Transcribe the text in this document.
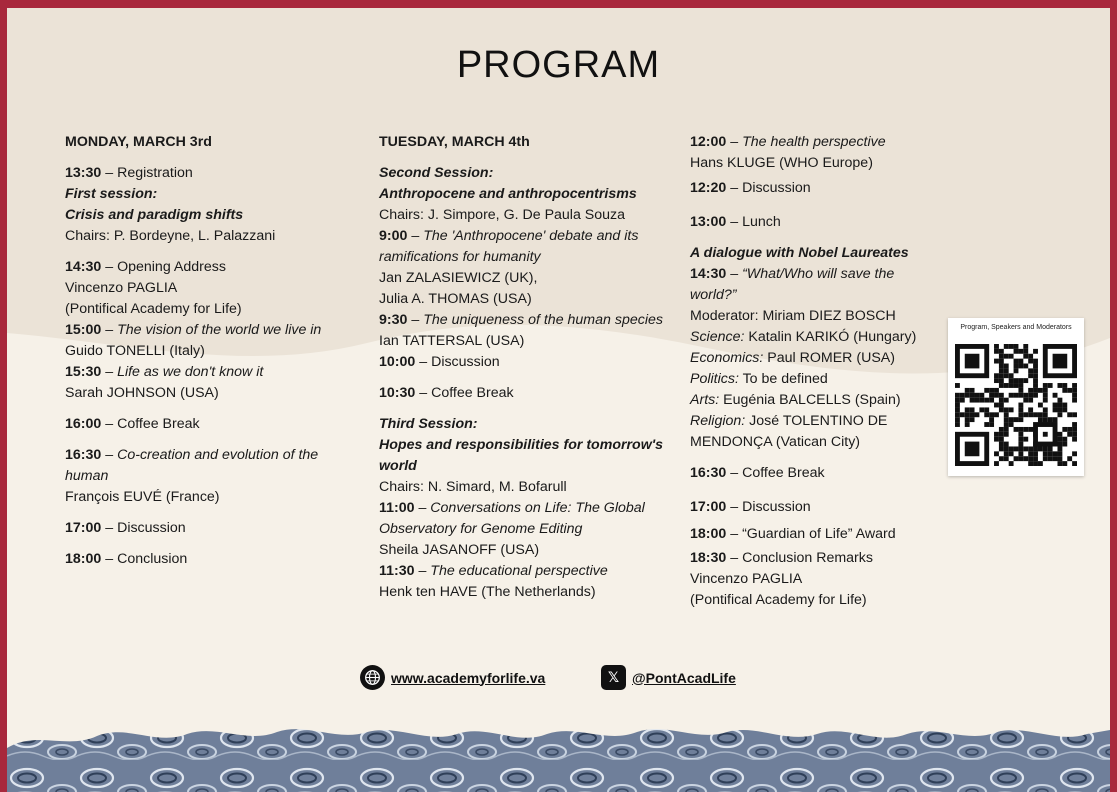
PROGRAM
MONDAY, MARCH 3rd
13:30 – Registration
First session:
Crisis and paradigm shifts
Chairs: P. Bordeyne, L. Palazzani
14:30 – Opening Address
Vincenzo PAGLIA
(Pontifical Academy for Life)
15:00 – The vision of the world we live in
Guido TONELLI (Italy)
15:30 – Life as we don't know it
Sarah JOHNSON (USA)
16:00 – Coffee Break
16:30 – Co-creation and evolution of the human
François EUVÉ (France)
17:00 – Discussion
18:00 – Conclusion
TUESDAY, MARCH 4th
Second Session:
Anthropocene and anthropocentrisms
Chairs: J. Simpore, G. De Paula Souza
9:00 – The 'Anthropocene' debate and its ramifications for humanity
Jan ZALASIEWICZ (UK),
Julia A. THOMAS (USA)
9:30 – The uniqueness of the human species
Ian TATTERSAL (USA)
10:00 – Discussion
10:30 – Coffee Break
Third Session:
Hopes and responsibilities for tomorrow's world
Chairs: N. Simard, M. Bofarull
11:00 – Conversations on Life: The Global Observatory for Genome Editing
Sheila JASANOFF (USA)
11:30 – The educational perspective
Henk ten HAVE (The Netherlands)
12:00 – The health perspective
Hans KLUGE (WHO Europe)
12:20 – Discussion
13:00 – Lunch
A dialogue with Nobel Laureates
14:30 – “What/Who will save the world?”
Moderator: Miriam DIEZ BOSCH
Science: Katalin KARIKÓ (Hungary)
Economics: Paul ROMER (USA)
Politics: To be defined
Arts: Eugénia BALCELLS (Spain)
Religion: José TOLENTINO DE MENDONÇA (Vatican City)
16:30 – Coffee Break
17:00 – Discussion
18:00 – “Guardian of Life” Award
18:30 – Conclusion Remarks
Vincenzo PAGLIA
(Pontifical Academy for Life)
Program, Speakers and Moderators
www.academyforlife.va	𝕏 @PontAcadLife
